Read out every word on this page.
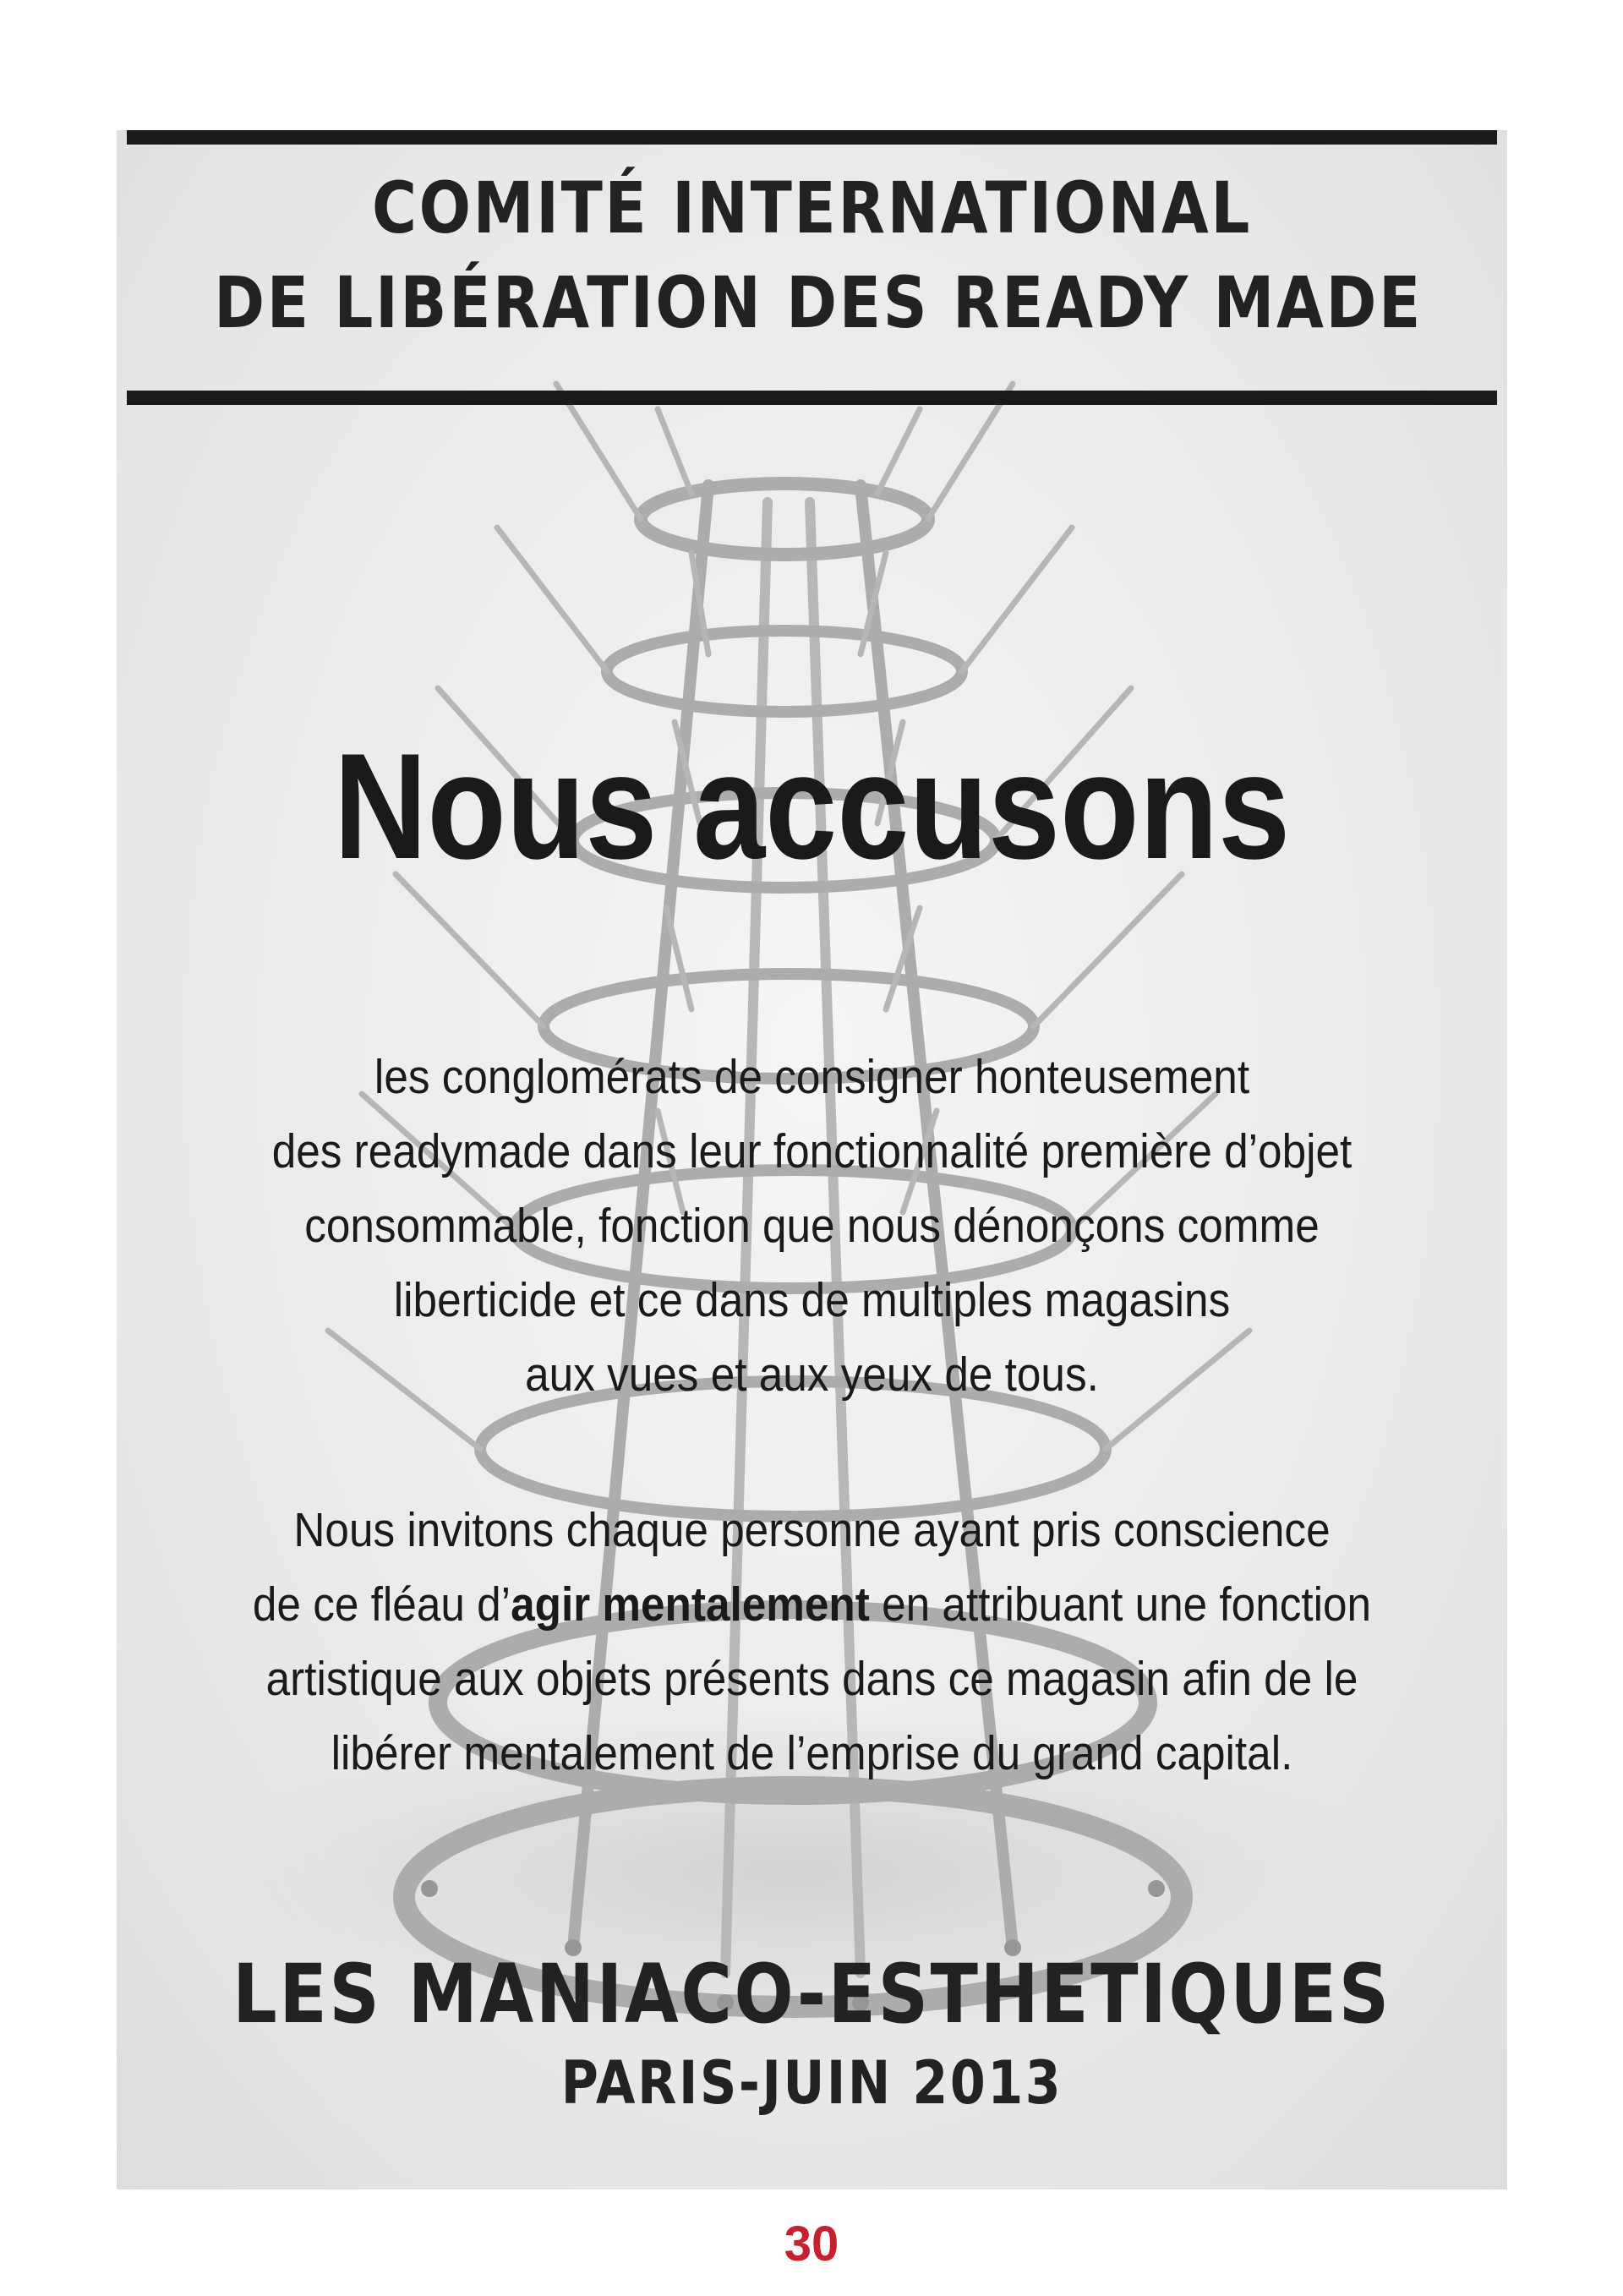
COMITÉ INTERNATIONAL
DE LIBÉRATION DES READY MADE
Nous accusons
les conglomérats de consigner honteusement
des readymade dans leur fonctionnalité première d’objet
consommable, fonction que nous dénonçons comme
liberticide et ce dans de multiples magasins
aux vues et aux yeux de tous.
Nous invitons chaque personne ayant pris conscience
de ce fléau d’agir mentalement en attribuant une fonction
artistique aux objets présents dans ce magasin afin de le
libérer mentalement de l’emprise du grand capital.
LES MANIACO-ESTHETIQUES
PARIS-JUIN 2013
30
